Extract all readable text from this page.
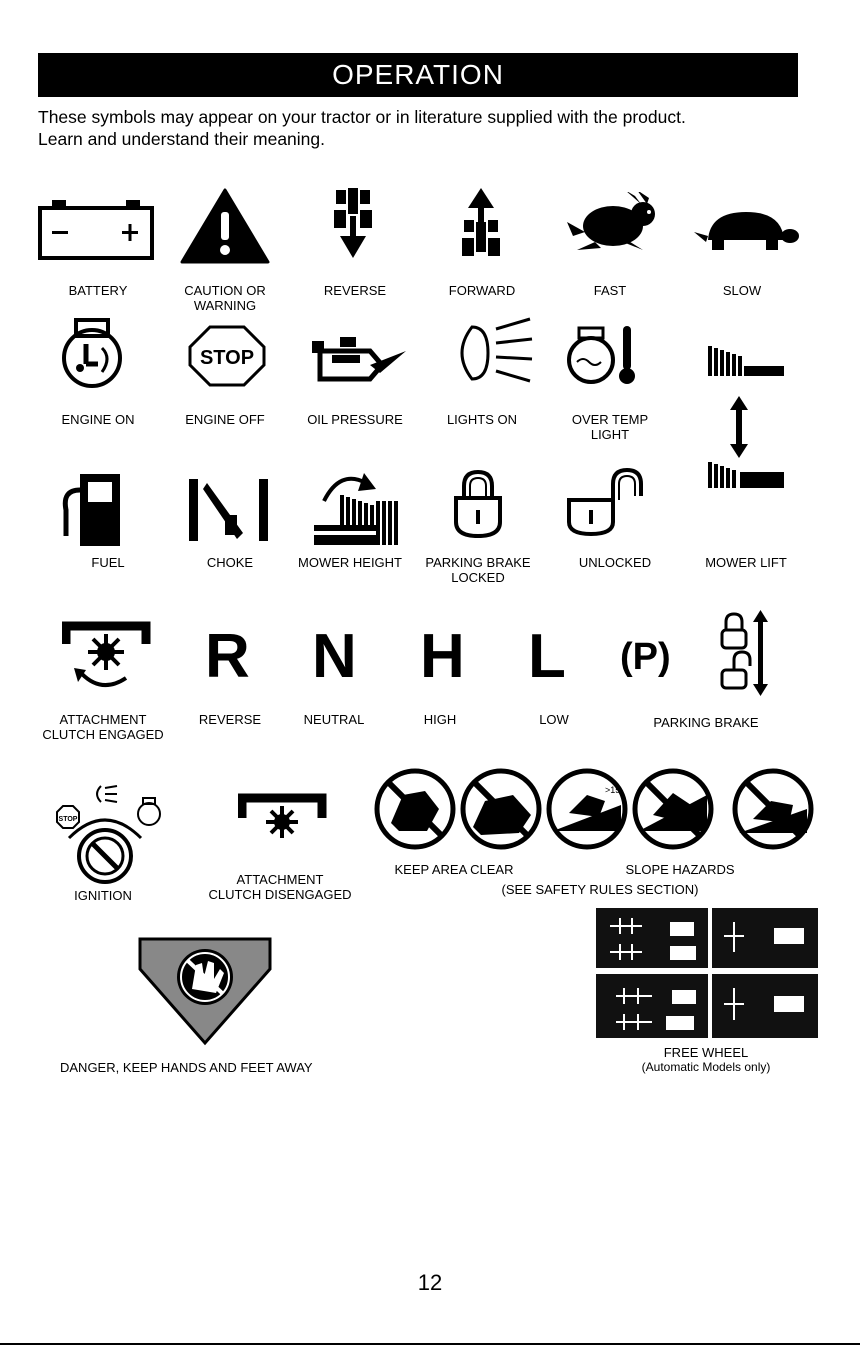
OPERATION
These symbols may appear on your tractor or in literature supplied with the product.
Learn and understand their meaning.
BATTERY	CAUTION OR
WARNING
REVERSE	FORWARD	FAST	SLOW
ENGINE ON
STOP
ENGINE OFF	OIL PRESSURE	LIGHTS ON	OVER TEMP
LIGHT
FUEL	CHOKE	MOWER HEIGHT	PARKING BRAKE
LOCKED
UNLOCKED	MOWER LIFT
ATTACHMENT
CLUTCH ENGAGED
R
REVERSE
N
NEUTRAL
H
HIGH
L
LOW
(P)
PARKING BRAKE
STOP
IGNITION
ATTACHMENT
CLUTCH DISENGAGED
>15
KEEP AREA CLEAR	SLOPE HAZARDS
(SEE SAFETY RULES SECTION)
DANGER, KEEP HANDS AND FEET AWAY
FREE WHEEL
(Automatic Models only)
12
